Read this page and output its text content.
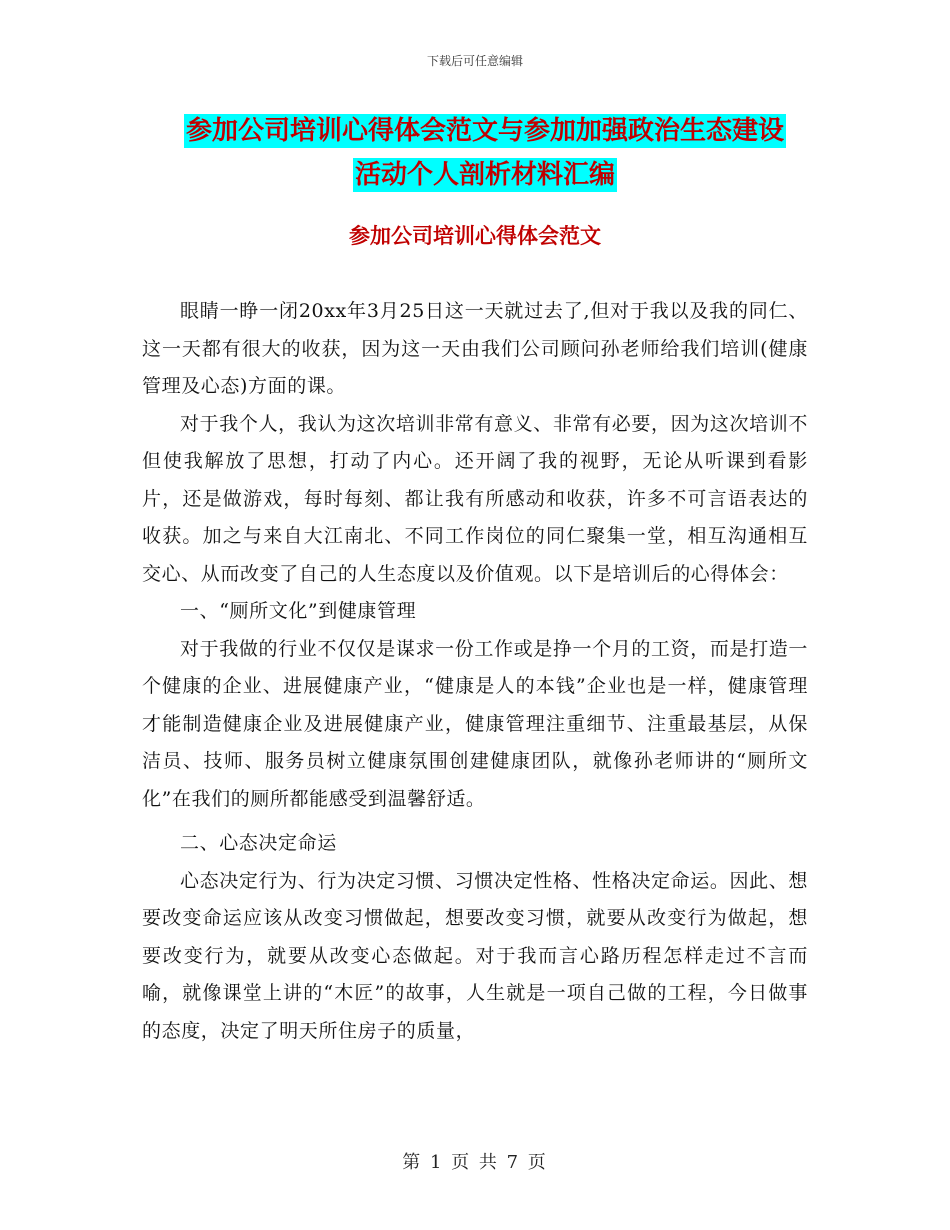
下载后可任意编辑
参加公司培训心得体会范文与参加加强政治生态建设
活动个人剖析材料汇编
参加公司培训心得体会范文

眼睛一睁一闭20xx年3月25日这一天就过去了,但对于我以及我的同仁、这一天都有很大的收获，因为这一天由我们公司顾问孙老师给我们培训(健康管理及心态)方面的课。

对于我个人，我认为这次培训非常有意义、非常有必要，因为这次培训不但使我解放了思想，打动了内心。还开阔了我的视野，无论从听课到看影片，还是做游戏，每时每刻、都让我有所感动和收获，许多不可言语表达的收获。加之与来自大江南北、不同工作岗位的同仁聚集一堂，相互沟通相互交心、从而改变了自己的人生态度以及价值观。以下是培训后的心得体会：

一、“厕所文化”到健康管理

对于我做的行业不仅仅是谋求一份工作或是挣一个月的工资，而是打造一个健康的企业、进展健康产业，“健康是人的本钱”企业也是一样，健康管理才能制造健康企业及进展健康产业，健康管理注重细节、注重最基层，从保洁员、技师、服务员树立健康氛围创建健康团队，就像孙老师讲的“厕所文化”在我们的厕所都能感受到温馨舒适。

二、心态决定命运

心态决定行为、行为决定习惯、习惯决定性格、性格决定命运。因此、想要改变命运应该从改变习惯做起，想要改变习惯，就要从改变行为做起，想要改变行为，就要从改变心态做起。对于我而言心路历程怎样走过不言而喻，就像课堂上讲的“木匠”的故事，人生就是一项自己做的工程，今日做事的态度，决定了明天所住房子的质量，

第 1 页 共 7 页
